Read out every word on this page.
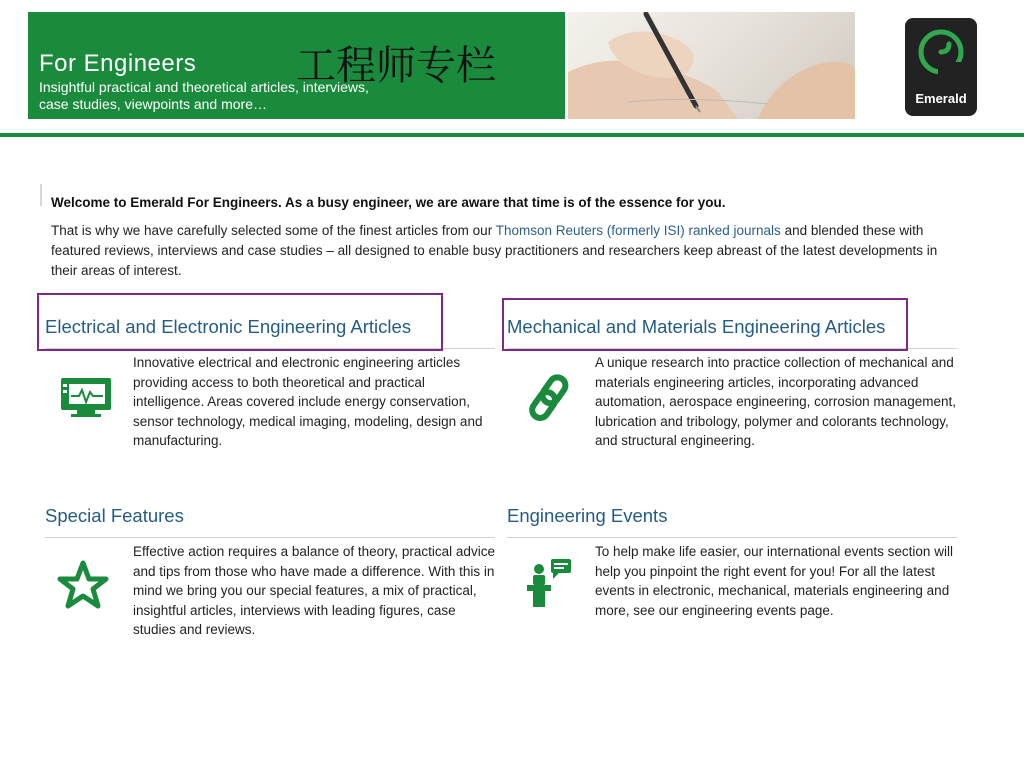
For Engineers 工程师专栏
Insightful practical and theoretical articles, interviews,
case studies, viewpoints and more…	Emerald
Welcome to Emerald For Engineers. As a busy engineer, we are aware that time is of the essence for you.
That is why we have carefully selected some of the finest articles from our Thomson Reuters (formerly ISI) ranked journals and blended these with featured reviews, interviews and case studies – all designed to enable busy practitioners and researchers keep abreast of the latest developments in their areas of interest.
Electrical and Electronic Engineering Articles
Innovative electrical and electronic engineering articles providing access to both theoretical and practical intelligence. Areas covered include energy conservation, sensor technology, medical imaging, modeling, design and manufacturing.
Mechanical and Materials Engineering Articles
A unique research into practice collection of mechanical and materials engineering articles, incorporating advanced automation, aerospace engineering, corrosion management, lubrication and tribology, polymer and colorants technology, and structural engineering.
Special Features
Effective action requires a balance of theory, practical advice and tips from those who have made a difference. With this in mind we bring you our special features, a mix of practical, insightful articles, interviews with leading figures, case studies and reviews.
Engineering Events
To help make life easier, our international events section will help you pinpoint the right event for you! For all the latest events in electronic, mechanical, materials engineering and more, see our engineering events page.
